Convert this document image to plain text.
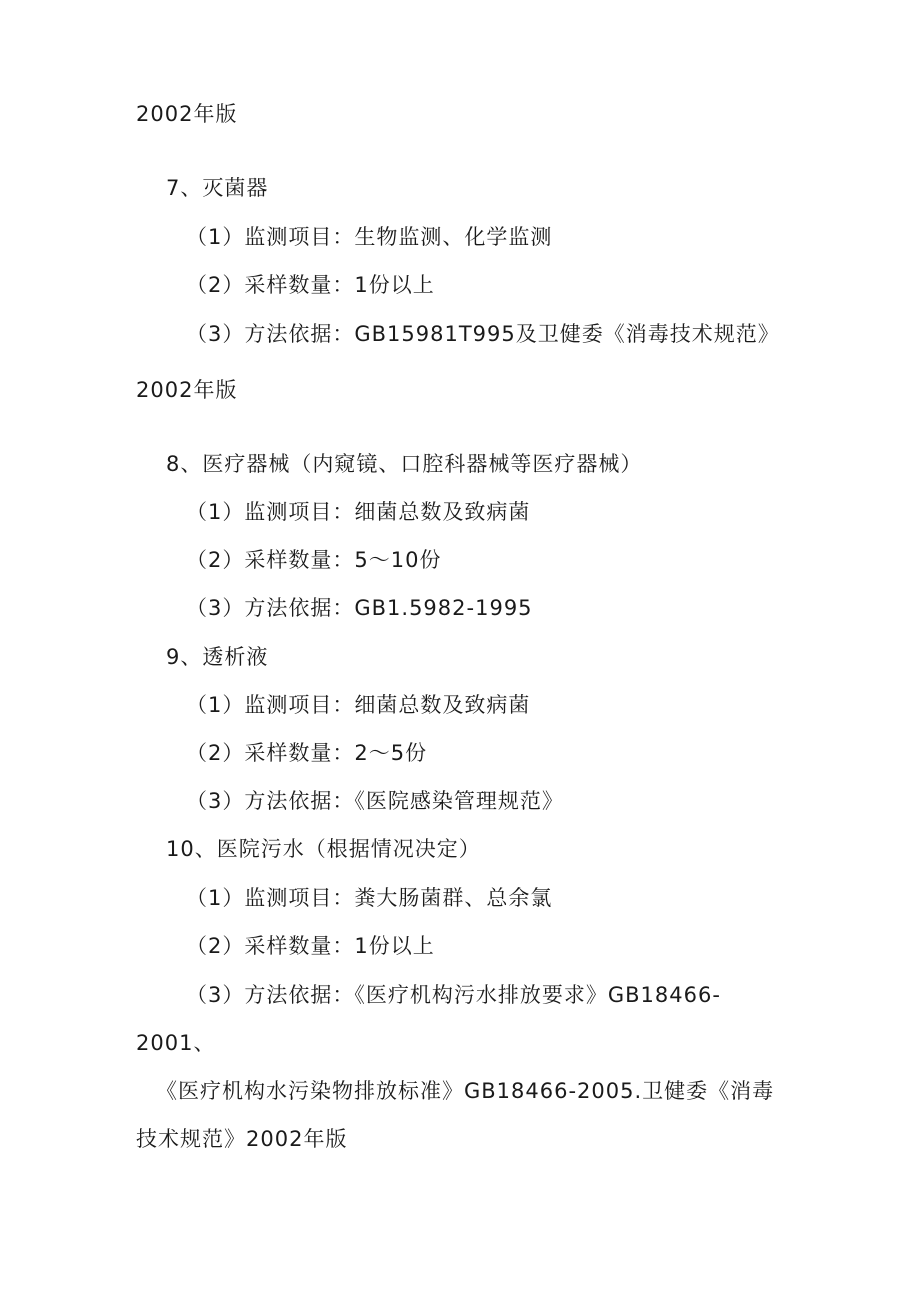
2002年版
7、灭菌器
（1）监测项目：生物监测、化学监测
（2）采样数量：1份以上
（3）方法依据：GB15981T995及卫健委《消毒技术规范》
2002年版
8、医疗器械（内窥镜、口腔科器械等医疗器械）
（1）监测项目：细菌总数及致病菌
（2）采样数量：5～10份
（3）方法依据：GB1.5982-1995
9、透析液
（1）监测项目：细菌总数及致病菌
（2）采样数量：2～5份
（3）方法依据：《医院感染管理规范》
10、医院污水（根据情况决定）
（1）监测项目：粪大肠菌群、总余氯
（2）采样数量：1份以上
（3）方法依据：《医疗机构污水排放要求》GB18466-
2001、
《医疗机构水污染物排放标准》GB18466-2005.卫健委《消毒
技术规范》2002年版
